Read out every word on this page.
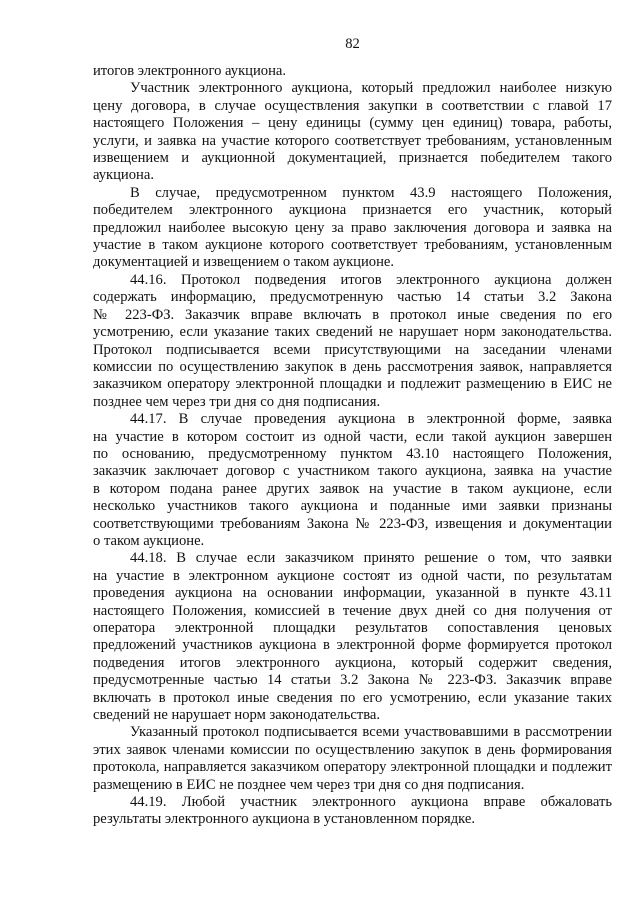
82
итогов электронного аукциона.
Участник электронного аукциона, который предложил наиболее низкую
цену договора, в случае осуществления закупки в соответствии с главой 17
настоящего Положения – цену единицы (сумму цен единиц) товара, работы,
услуги, и заявка на участие которого соответствует требованиям, установленным
извещением и аукционной документацией, признается победителем такого
аукциона.
В случае, предусмотренном пунктом 43.9 настоящего Положения,
победителем электронного аукциона признается его участник, который
предложил наиболее высокую цену за право заключения договора и заявка на
участие в таком аукционе которого соответствует требованиям, установленным
документацией и извещением о таком аукционе.
44.16. Протокол подведения итогов электронного аукциона должен
содержать информацию, предусмотренную частью 14 статьи 3.2 Закона
№ 223-ФЗ. Заказчик вправе включать в протокол иные сведения по его
усмотрению, если указание таких сведений не нарушает норм законодательства.
Протокол подписывается всеми присутствующими на заседании членами
комиссии по осуществлению закупок в день рассмотрения заявок, направляется
заказчиком оператору электронной площадки и подлежит размещению в ЕИС не
позднее чем через три дня со дня подписания.
44.17. В случае проведения аукциона в электронной форме, заявка
на участие в котором состоит из одной части, если такой аукцион завершен
по основанию, предусмотренному пунктом 43.10 настоящего Положения,
заказчик заключает договор с участником такого аукциона, заявка на участие
в котором подана ранее других заявок на участие в таком аукционе, если
несколько участников такого аукциона и поданные ими заявки признаны
соответствующими требованиям Закона № 223-ФЗ, извещения и документации
о таком аукционе.
44.18. В случае если заказчиком принято решение о том, что заявки
на участие в электронном аукционе состоят из одной части, по результатам
проведения аукциона на основании информации, указанной в пункте 43.11
настоящего Положения, комиссией в течение двух дней со дня получения от
оператора электронной площадки результатов сопоставления ценовых
предложений участников аукциона в электронной форме формируется протокол
подведения итогов электронного аукциона, который содержит сведения,
предусмотренные частью 14 статьи 3.2 Закона № 223-ФЗ. Заказчик вправе
включать в протокол иные сведения по его усмотрению, если указание таких
сведений не нарушает норм законодательства.
Указанный протокол подписывается всеми участвовавшими в рассмотрении
этих заявок членами комиссии по осуществлению закупок в день формирования
протокола, направляется заказчиком оператору электронной площадки и подлежит
размещению в ЕИС не позднее чем через три дня со дня подписания.
44.19. Любой участник электронного аукциона вправе обжаловать
результаты электронного аукциона в установленном порядке.
